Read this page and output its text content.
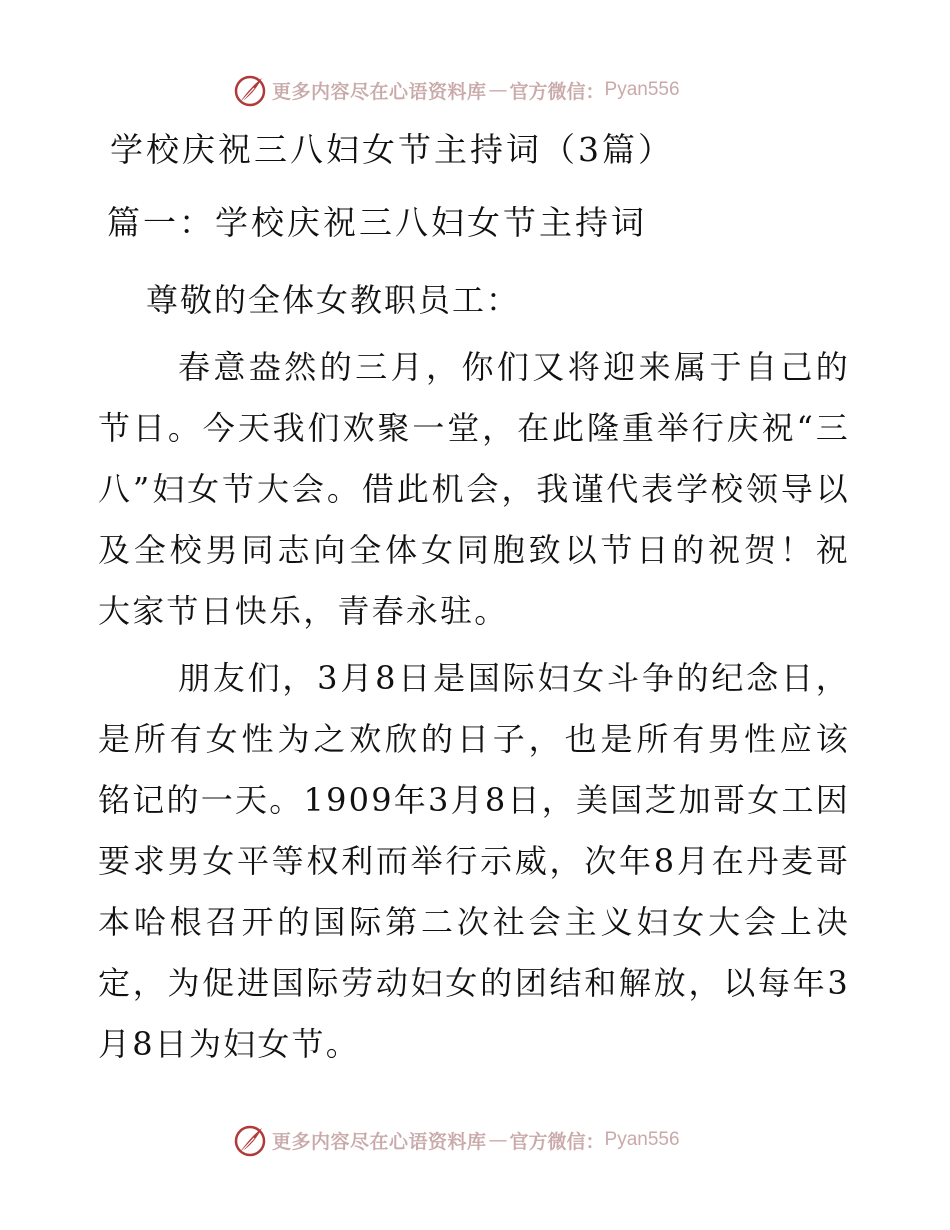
更多内容尽在心语资料库 — 官方微信： Pyan556
学校庆祝三八妇女节主持词（3篇）
篇一：学校庆祝三八妇女节主持词
尊敬的全体女教职员工：

春意盎然的三月，你们又将迎来属于自己的节日。今天我们欢聚一堂，在此隆重举行庆祝“三八”妇女节大会。借此机会，我谨代表学校领导以及全校男同志向全体女同胞致以节日的祝贺！祝大家节日快乐，青春永驻。

朋友们，3月8日是国际妇女斗争的纪念日，是所有女性为之欢欣的日子，也是所有男性应该铭记的一天。1909年3月8日，美国芝加哥女工因要求男女平等权利而举行示威，次年8月在丹麦哥本哈根召开的国际第二次社会主义妇女大会上决定，为促进国际劳动妇女的团结和解放，以每年3月8日为妇女节。

更多内容尽在心语资料库 — 官方微信： Pyan556
